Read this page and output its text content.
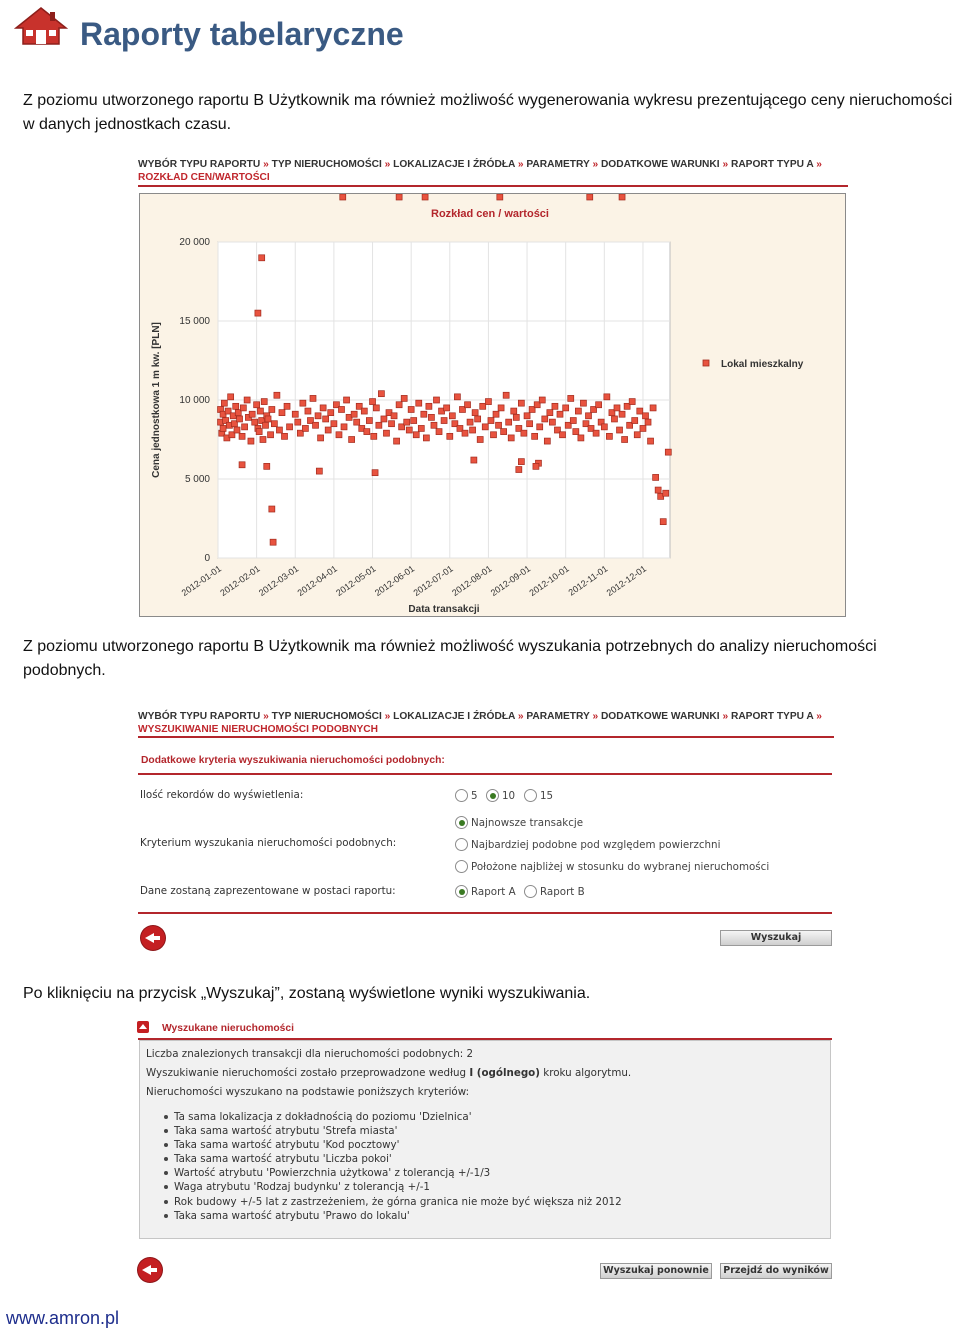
Raporty tabelaryczne
Z poziomu utworzonego raportu B Użytkownik ma również możliwość wygenerowania wykresu prezentującego ceny nieruchomości w danych jednostkach czasu.
WYBÓR TYPU RAPORTU » TYP NIERUCHOMOŚCI » LOKALIZACJE I ŹRÓDŁA » PARAMETRY » DODATKOWE WARUNKI » RAPORT TYPU A » ROZKŁAD CEN/WARTOŚCI
0
5 000
10 000
15 000
20 000
2012-01-01
2012-02-01
2012-03-01
2012-04-01
2012-05-01
2012-06-01
2012-07-01
2012-08-01
2012-09-01
2012-10-01
2012-11-01
2012-12-01
Rozkład cen / wartości
Data transakcji
Cena jednostkowa 1 m kw. [PLN]	Lokal mieszkalny
Z poziomu utworzonego raportu B Użytkownik ma również możliwość wyszukania potrzebnych do analizy nieruchomości podobnych.
WYBÓR TYPU RAPORTU » TYP NIERUCHOMOŚCI » LOKALIZACJE I ŹRÓDŁA » PARAMETRY » DODATKOWE WARUNKI » RAPORT TYPU A » WYSZUKIWANIE NIERUCHOMOŚCI PODOBNYCH
Dodatkowe kryteria wyszukiwania nieruchomości podobnych:
Ilość rekordów do wyświetlenia:	5 10 15
Kryterium wyszukania nieruchomości podobnych:
Najnowsze transakcje
Najbardziej podobne pod względem powierzchni
Położone najbliżej w stosunku do wybranej nieruchomości
Dane zostaną zaprezentowane w postaci raportu:	Raport A Raport B
Wyszukaj
Po kliknięciu na przycisk „Wyszukaj”, zostaną wyświetlone wyniki wyszukiwania.
Wyszukane nieruchomości
Liczba znalezionych transakcji dla nieruchomości podobnych: 2
Wyszukiwanie nieruchomości zostało przeprowadzone według I (ogólnego) kroku algorytmu.
Nieruchomości wyszukano na podstawie poniższych kryteriów:
Ta sama lokalizacja z dokładnością do poziomu 'Dzielnica'
Taka sama wartość atrybutu 'Strefa miasta'
Taka sama wartość atrybutu 'Kod pocztowy'
Taka sama wartość atrybutu 'Liczba pokoi'
Wartość atrybutu 'Powierzchnia użytkowa' z tolerancją +/-1/3
Waga atrybutu 'Rodzaj budynku' z tolerancją +/-1
Rok budowy +/-5 lat z zastrzeżeniem, że górna granica nie może być większa niż 2012
Taka sama wartość atrybutu 'Prawo do lokalu'
Wyszukaj ponownie	Przejdź do wyników
www.amron.pl
